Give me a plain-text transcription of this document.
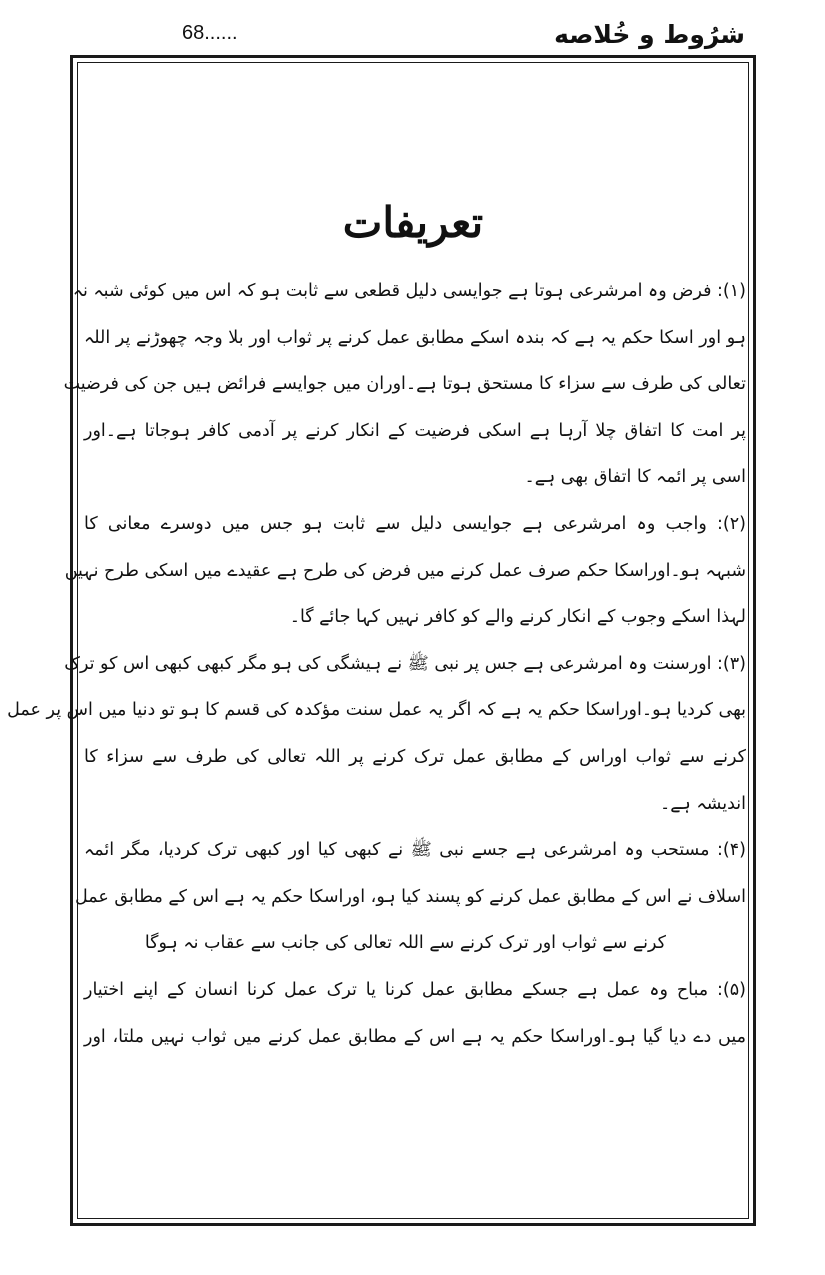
شرُوط و خُلاصه
68......
تعریفات
(۱): فرض وہ امرشرعی ہوتا ہے جوایسی دلیل قطعی سے ثابت ہو کہ اس میں کوئی شبہ نہ
ہو اور اسکا حکم یہ ہے کہ بندہ اسکے مطابق عمل کرنے پر ثواب اور بلا وجہ چھوڑنے پر اللہ
تعالی کی طرف سے سزاء کا مستحق ہوتا ہے۔اوران میں جوایسے فرائض ہیں جن کی فرضیت
پر امت کا اتفاق چلا آرہا ہے اسکی فرضیت کے انکار کرنے پر آدمی کافر ہوجاتا ہے۔اور
اسی پر ائمہ کا اتفاق بھی ہے۔
(۲): واجب وہ امرشرعی ہے جوایسی دلیل سے ثابت ہو جس میں دوسرے معانی کا
شبہہ ہو۔اوراسکا حکم صرف عمل کرنے میں فرض کی طرح ہے عقیدے میں اسکی طرح نہیں
لہذا اسکے وجوب کے انکار کرنے والے کو کافر نہیں کہا جائے گا۔
(۳): اورسنت وہ امرشرعی ہے جس پر نبی ﷺ نے ہیشگی کی ہو مگر کبھی کبھی اس کو ترک
بھی کردیا ہو۔اوراسکا حکم یہ ہے کہ اگر یہ عمل سنت مؤکدہ کی قسم کا ہو تو دنیا میں اس پر عمل
کرنے سے ثواب اوراس کے مطابق عمل ترک کرنے پر اللہ تعالی کی طرف سے سزاء کا
اندیشہ ہے۔
(۴): مستحب وہ امرشرعی ہے جسے نبی ﷺ نے کبھی کیا اور کبھی ترک کردیا، مگر ائمہ
اسلاف نے اس کے مطابق عمل کرنے کو پسند کیا ہو، اوراسکا حکم یہ ہے اس کے مطابق عمل
کرنے سے ثواب اور ترک کرنے سے اللہ تعالی کی جانب سے عقاب نہ ہوگا
(۵): مباح وہ عمل ہے جسکے مطابق عمل کرنا یا ترک عمل کرنا انسان کے اپنے اختیار
میں دے دیا گیا ہو۔اوراسکا حکم یہ ہے اس کے مطابق عمل کرنے میں ثواب نہیں ملتا، اور
